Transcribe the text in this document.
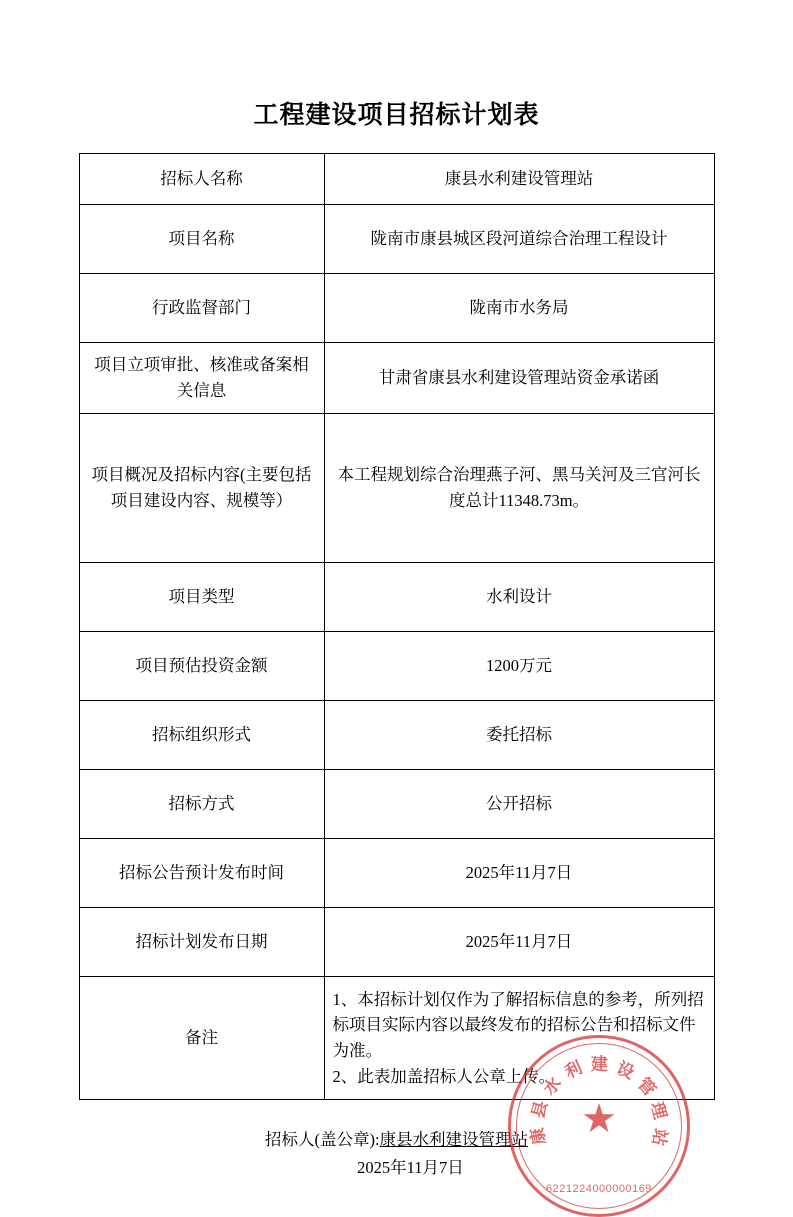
工程建设项目招标计划表
招标人名称	康县水利建设管理站
项目名称	陇南市康县城区段河道综合治理工程设计
行政监督部门	陇南市水务局
项目立项审批、核准或备案相关信息	甘肃省康县水利建设管理站资金承诺函
项目概况及招标内容(主要包括项目建设内容、规模等）	本工程规划综合治理燕子河、黑马关河及三官河长度总计11348.73m。
项目类型	水利设计
项目预估投资金额	1200万元
招标组织形式	委托招标
招标方式	公开招标
招标公告预计发布时间	2025年11月7日
招标计划发布日期	2025年11月7日
备注	1、本招标计划仅作为了解招标信息的参考，所列招 标项目实际内容以最终发布的招标公告和招标文件 为准。
2、此表加盖招标人公章上传。
招标人(盖公章):康县水利建设管理站
2025年11月7日
★
康
县
水
利 建 设
管
理
站
6221224000000169
